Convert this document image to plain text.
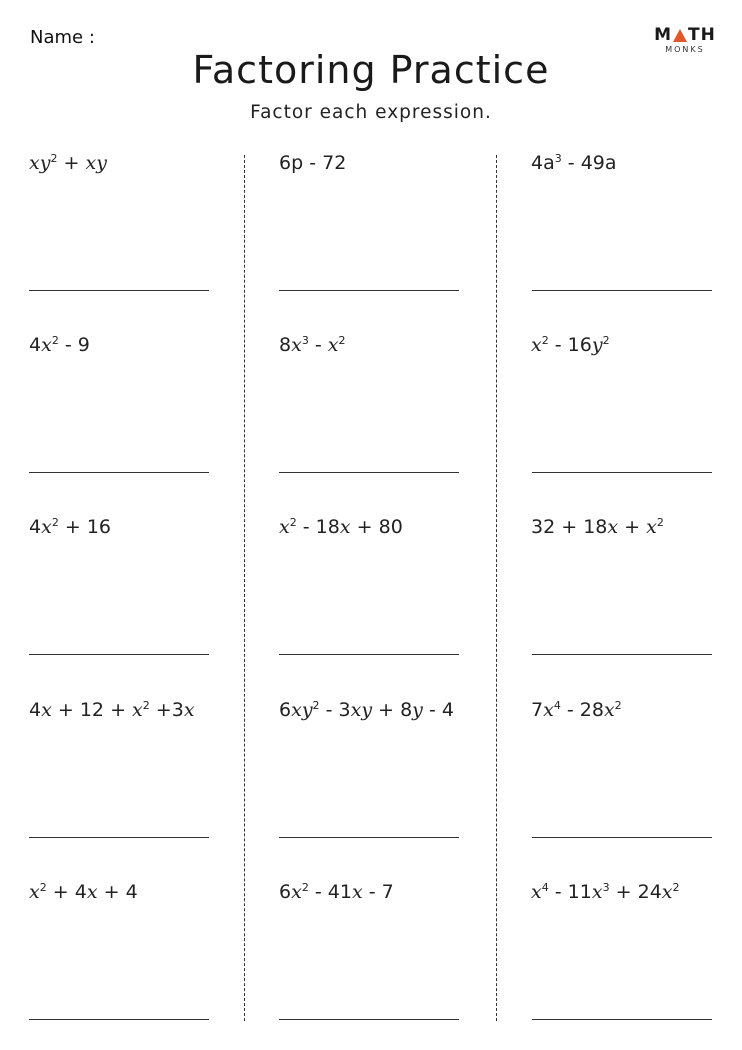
Name :	M TH
MONKS
Factoring Practice
Factor each expression.
$xy^2$ + xy	6p - 72	$4a^3 - 49a$
$4x^2 - 9$	$8x^3 - x^2$	$x^2 - 16y^2$
$4x^2 + 16$	$x^2 - 18x + 80$	$32 + 18x + x^2$
$4x + 12 + x^2 +3x$	$6xy^2 - 3xy + 8y - 4$	$7x^4 - 28x^2$
$x^2 + 4x + 4$	$6x^2 - 41x - 7$	$x^4 - 11x^3 + 24x^2$
